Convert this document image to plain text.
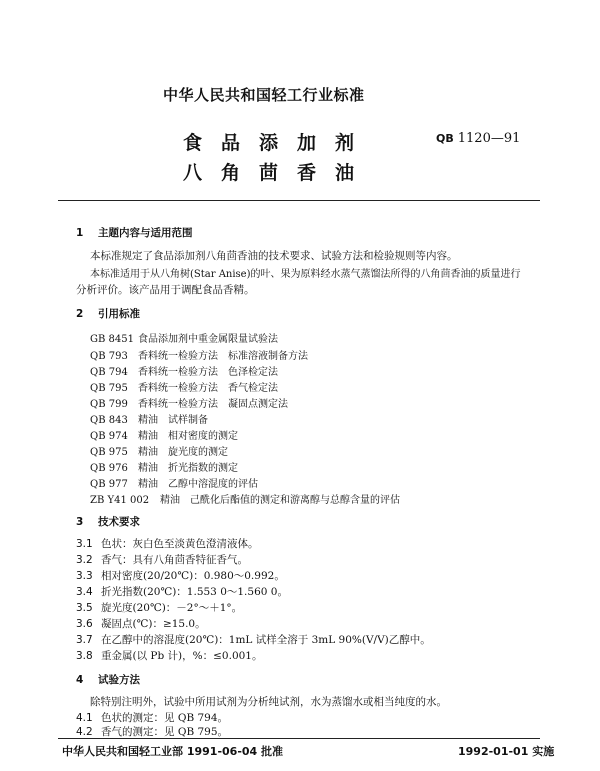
中华人民共和国轻工行业标准
食品添加剂
八角茴香油
QB 1120—91
1 主题内容与适用范围
本标准规定了食品添加剂八角茴香油的技术要求、试验方法和检验规则等内容。
本标准适用于从八角树(Star Anise)的叶、果为原料经水蒸气蒸馏法所得的八角茴香油的质量进行
分析评价。该产品用于调配食品香精。
2 引用标准
GB 8451 食品添加剂中重金属限量试验法
QB 793 香料统一检验方法　标准溶液制备方法
QB 794 香料统一检验方法　色泽检定法
QB 795 香料统一检验方法　香气检定法
QB 799 香料统一检验方法　凝固点测定法
QB 843 精油　试样制备
QB 974 精油　相对密度的测定
QB 975 精油　旋光度的测定
QB 976 精油　折光指数的测定
QB 977 精油　乙醇中溶混度的评估
ZB Y41 002 精油　己酰化后酯值的测定和游离醇与总醇含量的评估
3 技术要求
3.1 色状：灰白色至淡黄色澄清液体。
3.2 香气：具有八角茴香特征香气。
3.3 相对密度(20/20℃)：0.980～0.992。
3.4 折光指数(20℃)：1.553 0～1.560 0。
3.5 旋光度(20℃)：－2°～＋1°。
3.6 凝固点(℃)：≥15.0。
3.7 在乙醇中的溶混度(20℃)：1mL 试样全溶于 3mL 90%(V/V)乙醇中。
3.8 重金属(以 Pb 计)，%：≤0.001。
4 试验方法
除特别注明外，试验中所用试剂为分析纯试剂，水为蒸馏水或相当纯度的水。
4.1 色状的测定：见 QB 794。
4.2 香气的测定：见 QB 795。
中华人民共和国轻工业部 1991-06-04 批准	1992-01-01 实施
